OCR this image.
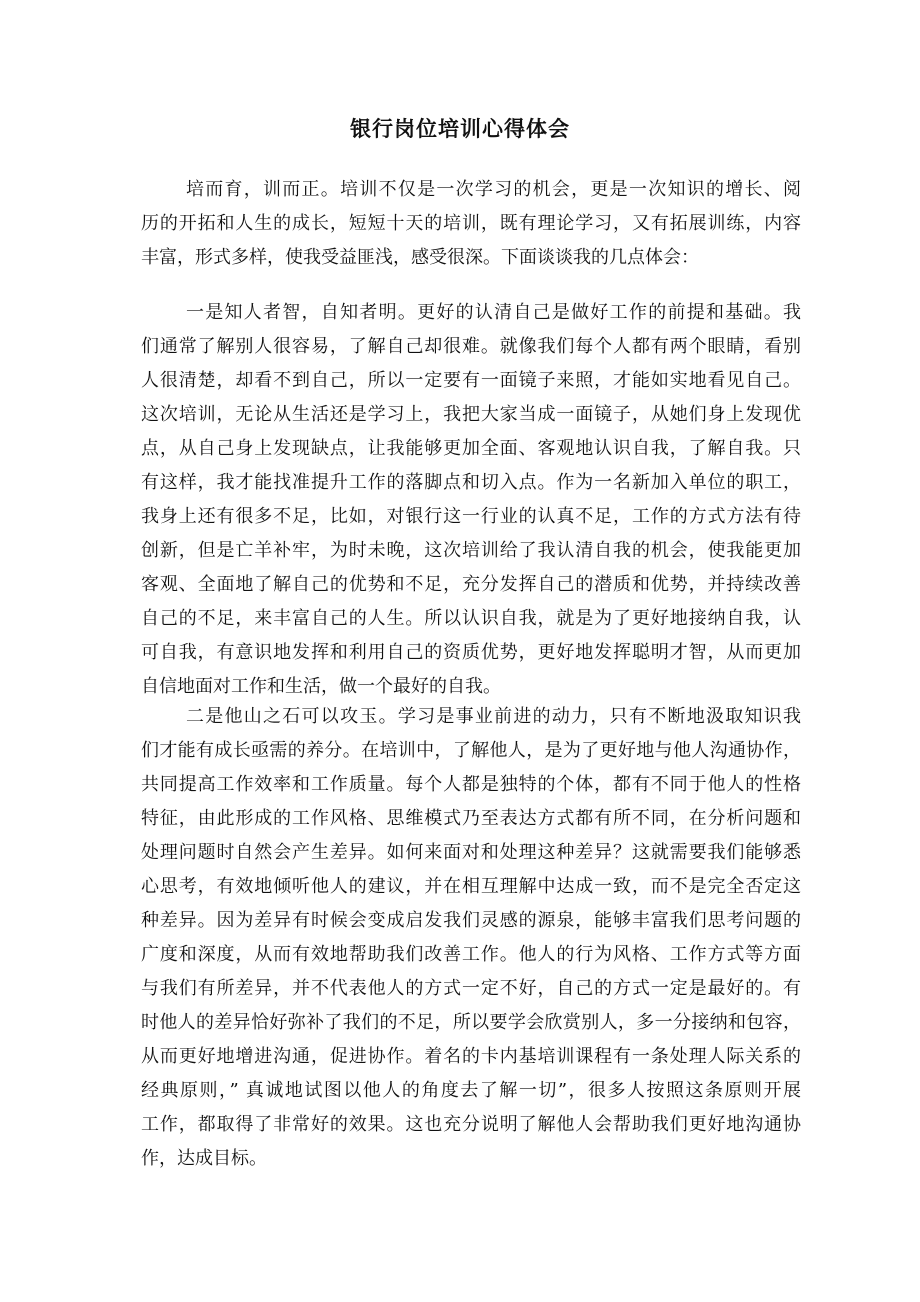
银行岗位培训心得体会
培而育，训而正。培训不仅是一次学习的机会，更是一次知识的增长、阅
历的开拓和人生的成长，短短十天的培训，既有理论学习，又有拓展训练，内容
丰富，形式多样，使我受益匪浅，感受很深。下面谈谈我的几点体会：
一是知人者智，自知者明。更好的认清自己是做好工作的前提和基础。我
们通常了解别人很容易，了解自己却很难。就像我们每个人都有两个眼睛，看别
人很清楚，却看不到自己，所以一定要有一面镜子来照，才能如实地看见自己。
这次培训，无论从生活还是学习上，我把大家当成一面镜子，从她们身上发现优
点，从自己身上发现缺点，让我能够更加全面、客观地认识自我，了解自我。只
有这样，我才能找准提升工作的落脚点和切入点。作为一名新加入单位的职工，
我身上还有很多不足，比如，对银行这一行业的认真不足，工作的方式方法有待
创新，但是亡羊补牢，为时未晚，这次培训给了我认清自我的机会，使我能更加
客观、全面地了解自己的优势和不足，充分发挥自己的潜质和优势，并持续改善
自己的不足，来丰富自己的人生。所以认识自我，就是为了更好地接纳自我，认
可自我，有意识地发挥和利用自己的资质优势，更好地发挥聪明才智，从而更加
自信地面对工作和生活，做一个最好的自我。
二是他山之石可以攻玉。学习是事业前进的动力，只有不断地汲取知识我
们才能有成长亟需的养分。在培训中，了解他人，是为了更好地与他人沟通协作，
共同提高工作效率和工作质量。每个人都是独特的个体，都有不同于他人的性格
特征，由此形成的工作风格、思维模式乃至表达方式都有所不同，在分析问题和
处理问题时自然会产生差异。如何来面对和处理这种差异？这就需要我们能够悉
心思考，有效地倾听他人的建议，并在相互理解中达成一致，而不是完全否定这
种差异。因为差异有时候会变成启发我们灵感的源泉，能够丰富我们思考问题的
广度和深度，从而有效地帮助我们改善工作。他人的行为风格、工作方式等方面
与我们有所差异，并不代表他人的方式一定不好，自己的方式一定是最好的。有
时他人的差异恰好弥补了我们的不足，所以要学会欣赏别人，多一分接纳和包容，
从而更好地增进沟通，促进协作。着名的卡内基培训课程有一条处理人际关系的
经典原则，” 真诚地试图以他人的角度去了解一切”，很多人按照这条原则开展
工作，都取得了非常好的效果。这也充分说明了解他人会帮助我们更好地沟通协
作，达成目标。
